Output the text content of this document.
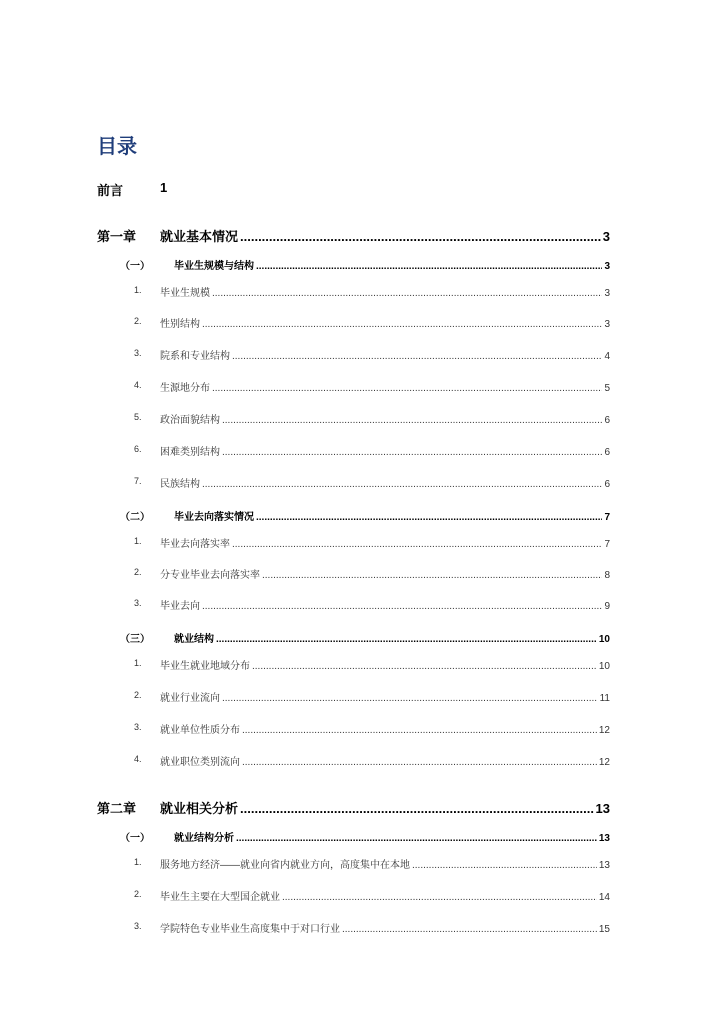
目录
前言	1
第一章 就业基本情况 .....	3
（一） 毕业生规模与结构 .....	3
1. 毕业生规模 .....	3
2. 性别结构 .....	3
3. 院系和专业结构 .....	4
4. 生源地分布 .....	5
5. 政治面貌结构 .....	6
6. 困难类别结构 .....	6
7. 民族结构 .....	6
（二） 毕业去向落实情况 .....	7
1. 毕业去向落实率 .....	7
2. 分专业毕业去向落实率 .....	8
3. 毕业去向 .....	9
（三） 就业结构 .....	10
1. 毕业生就业地域分布 .....	10
2. 就业行业流向 .....	11
3. 就业单位性质分布 .....	12
4. 就业职位类别流向 .....	12
第二章 就业相关分析 .....	13
（一） 就业结构分析 .....	13
1. 服务地方经济——就业向省内就业方向，高度集中在本地 .....	13
2. 毕业生主要在大型国企就业 .....	14
3. 学院特色专业毕业生高度集中于对口行业 .....	15
